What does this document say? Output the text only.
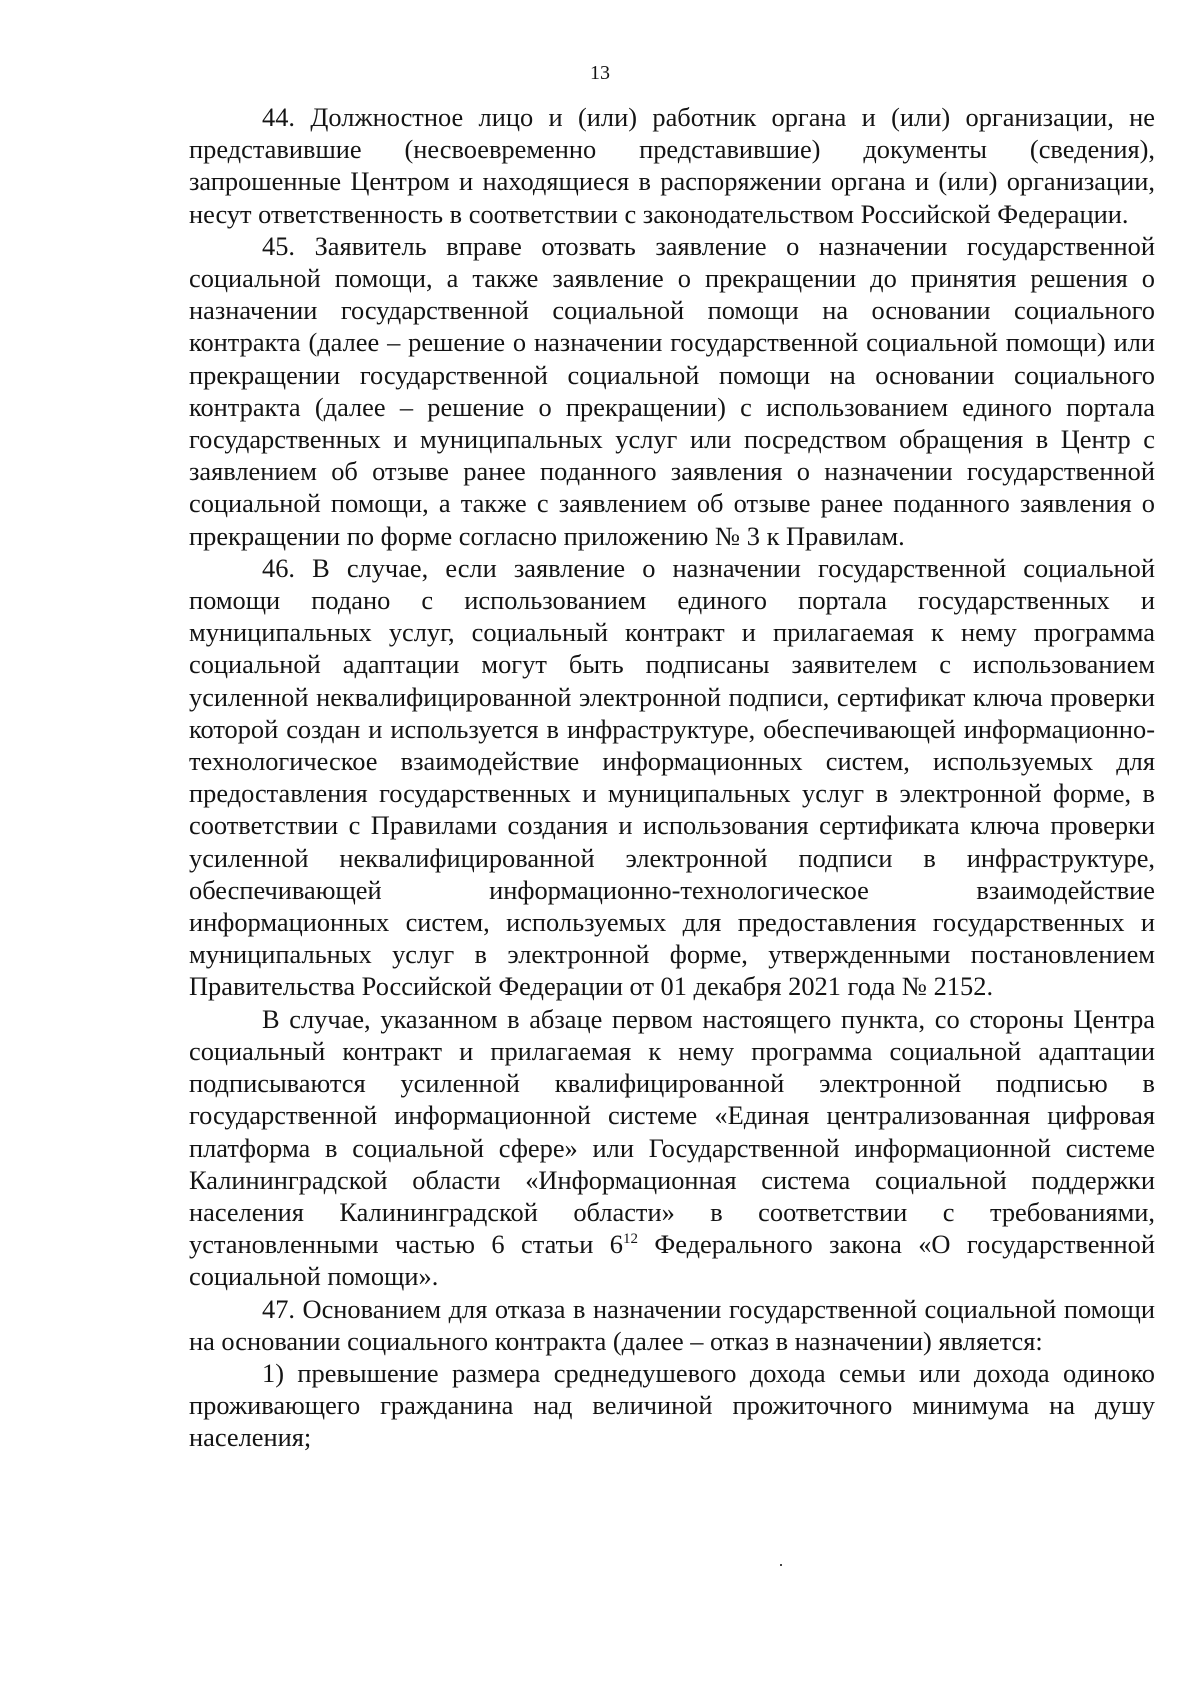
13

44. Должностное лицо и (или) работник органа и (или) организации, не представившие (несвоевременно представившие) документы (сведения), запрошенные Центром и находящиеся в распоряжении органа и (или) организации, несут ответственность в соответствии с законодательством Российской Федерации.

45. Заявитель вправе отозвать заявление о назначении государственной социальной помощи, а также заявление о прекращении до принятия решения о назначении государственной социальной помощи на основании социального контракта (далее – решение о назначении государственной социальной помощи) или прекращении государственной социальной помощи на основании социального контракта (далее – решение о прекращении) с использованием единого портала государственных и муниципальных услуг или посредством обращения в Центр с заявлением об отзыве ранее поданного заявления о назначении государственной социальной помощи, а также с заявлением об отзыве ранее поданного заявления о прекращении по форме согласно приложению № 3 к Правилам.

46. В случае, если заявление о назначении государственной социальной помощи подано с использованием единого портала государственных и муниципальных услуг, социальный контракт и прилагаемая к нему программа социальной адаптации могут быть подписаны заявителем с использованием усиленной неквалифицированной электронной подписи, сертификат ключа проверки которой создан и используется в инфраструктуре, обеспечивающей информационно-технологическое взаимодействие информационных систем, используемых для предоставления государственных и муниципальных услуг в электронной форме, в соответствии с Правилами создания и использования сертификата ключа проверки усиленной неквалифицированной электронной подписи в инфраструктуре, обеспечивающей информационно-технологическое взаимодействие информационных систем, используемых для предоставления государственных и муниципальных услуг в электронной форме, утвержденными постановлением Правительства Российской Федерации от 01 декабря 2021 года № 2152.

В случае, указанном в абзаце первом настоящего пункта, со стороны Центра социальный контракт и прилагаемая к нему программа социальной адаптации подписываются усиленной квалифицированной электронной подписью в государственной информационной системе «Единая централизованная цифровая платформа в социальной сфере» или Государственной информационной системе Калининградской области «Информационная система социальной поддержки населения Калининградской области» в соответствии с требованиями, установленными частью 6 статьи $6^{12}$ Федерального закона «О государственной социальной помощи».

47. Основанием для отказа в назначении государственной социальной помощи на основании социального контракта (далее – отказ в назначении) является:

1) превышение размера среднедушевого дохода семьи или дохода одиноко проживающего гражданина над величиной прожиточного минимума на душу населения;
